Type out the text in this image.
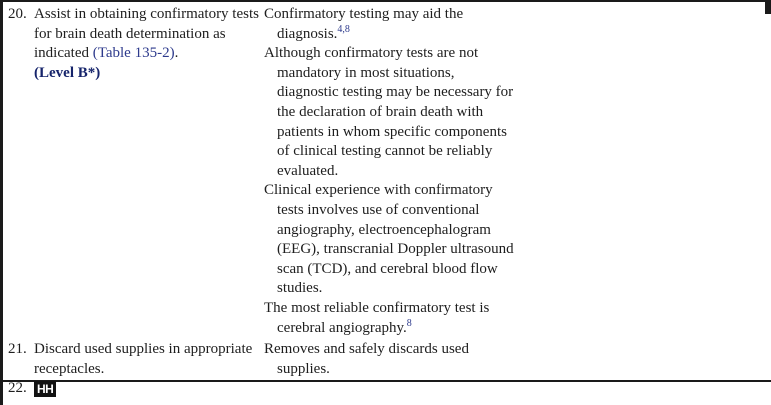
20. Assist in obtaining confirmatory tests for brain death determination as indicated (Table 135-2).
(Level B*)

Confirmatory testing may aid the diagnosis.$^{4,8}$

Although confirmatory tests are not mandatory in most situations, diagnostic testing may be necessary for the declaration of brain death with patients in whom specific components of clinical testing cannot be reliably evaluated.

Clinical experience with confirmatory tests involves use of conventional angiography, electroencephalogram (EEG), transcranial Doppler ultrasound scan (TCD), and cerebral blood flow studies.

The most reliable confirmatory test is cerebral angiography.$^8$

21. Discard used supplies in appropriate receptacles.

Removes and safely discards used supplies.

22. HH
